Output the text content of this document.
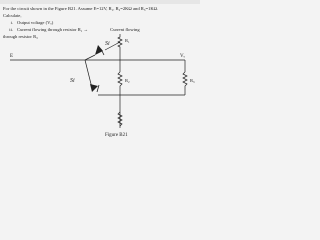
For the circuit shown in the Figure B21. Assume E=12V, R₁, R₂=2KΩ and R₃=1KΩ.
Calculate,
i. Output voltage (Vₒ)
ii. Current flowing through resistor R₁ →	Current flowing
through resistor R₃
E	Vₒ
Si
Si
R₁
R₂	R₃
Figure B21
